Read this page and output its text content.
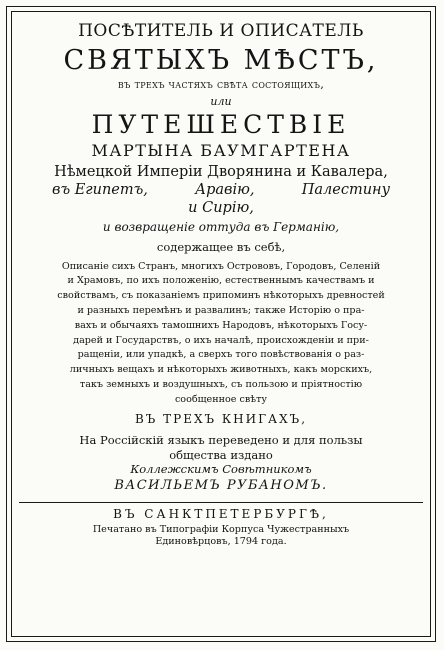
ПОСѢТИТЕЛЬ И ОПИСАТЕЛЬ
СВЯТЫХЪ МѢСТЪ,
въ трехъ частяхъ свѣта состоящихъ,
или
ПУТЕШЕСТВІЕ
МАРТЫНА БАУМГАРТЕНА
Нѣмецкой Имперіи Дворянина и Кавалера,
въ Египетъ,	Аравію,	Палестину
и Сирію,
и возвращеніе оттуда въ Германію,
содержащее въ себѣ,
Описаніе сихъ Странъ, многихъ Острововъ, Городовъ, Селеній
и Храмовъ, по ихъ положенію, естественнымъ качествамъ и
свойствамъ, съ показаніемъ припоминъ нѣкоторыхъ древностей
и разныхъ перемѣнъ и развалинъ; также Исторію о пра-
вахъ и обычаяхъ тамошнихъ Народовъ, нѣкоторыхъ Госу-
дарей и Государствъ, о ихъ началѣ, происхожденіи и при-
ращеніи, или упадкѣ, а сверхъ того повѣствованія о раз-
личныхъ вещахъ и нѣкоторыхъ животныхъ, какъ морскихъ,
такъ земныхъ и воздушныхъ, съ пользою и пріятностію
сообщенное свѣту
ВЪ ТРЕХЪ КНИГАХЪ,
На Россійскій языкъ переведено и для пользы
общества издано
Коллежскимъ Совѣтникомъ
ВАСИЛЬЕМЪ РУБАНОМЪ.
ВЪ САНКТПЕТЕРБУРГѢ,
Печатано въ Типографіи Корпуса Чужестранныхъ
Единовѣрцовъ, 1794 года.
